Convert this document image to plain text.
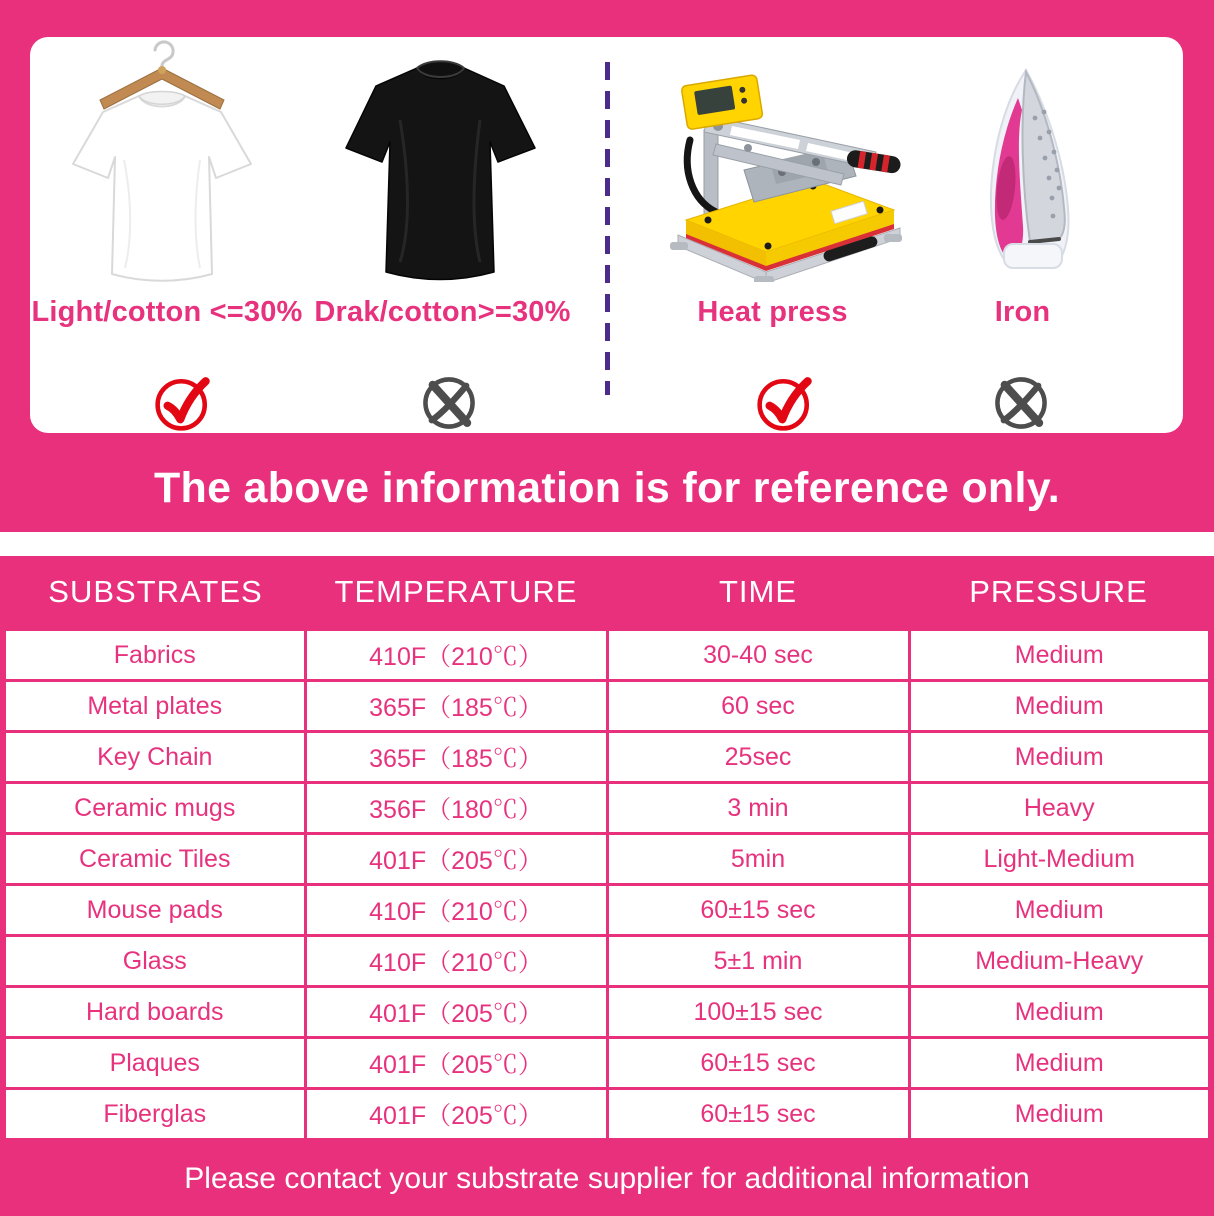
Light/cotton <=30% Drak/cotton>=30%	Heat press	Iron
The above information is for reference only.
SUBSTRATES	TEMPERATURE	TIME	PRESSURE
Fabrics	410F（210℃）	30-40 sec	Medium
Metal plates	365F（185℃）	60 sec	Medium
Key Chain	365F（185℃）	25sec	Medium
Ceramic mugs	356F（180℃）	3 min	Heavy
Ceramic Tiles	401F（205℃）	5min	Light-Medium
Mouse pads	410F（210℃）	60±15 sec	Medium
Glass	410F（210℃）	5±1 min	Medium-Heavy
Hard boards	401F（205℃）	100±15 sec	Medium
Plaques	401F（205℃）	60±15 sec	Medium
Fiberglas	401F（205℃）	60±15 sec	Medium
Please contact your substrate supplier for additional information
